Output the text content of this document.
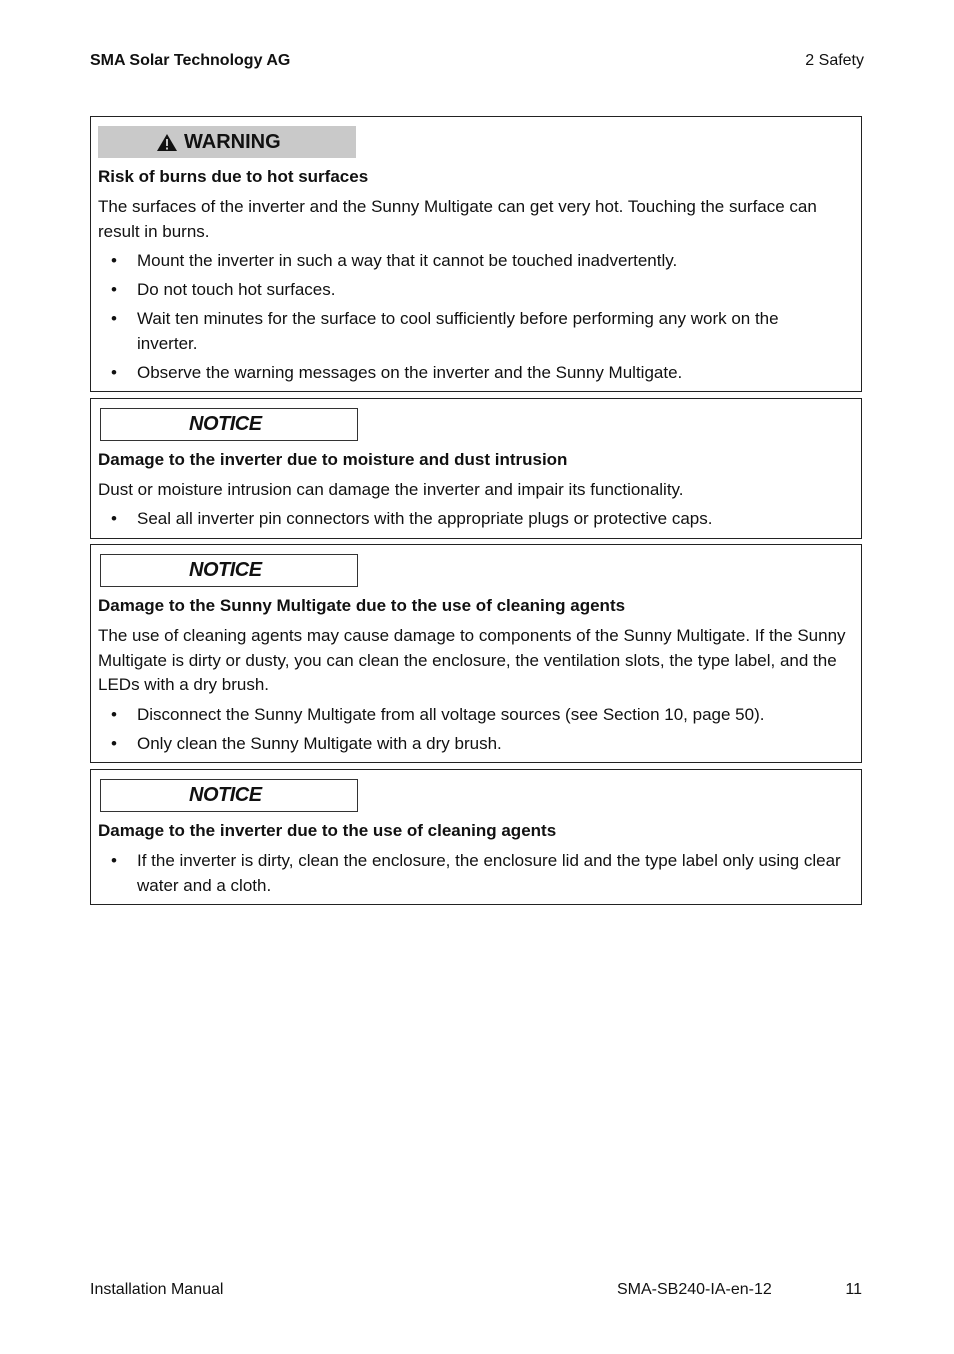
SMA Solar Technology AG	2 Safety
WARNING
Risk of burns due to hot surfaces
The surfaces of the inverter and the Sunny Multigate can get very hot. Touching the surface can result in burns.
• Mount the inverter in such a way that it cannot be touched inadvertently.
• Do not touch hot surfaces.
• Wait ten minutes for the surface to cool sufficiently before performing any work on the inverter.
• Observe the warning messages on the inverter and the Sunny Multigate.
NOTICE
Damage to the inverter due to moisture and dust intrusion
Dust or moisture intrusion can damage the inverter and impair its functionality.
• Seal all inverter pin connectors with the appropriate plugs or protective caps.
NOTICE
Damage to the Sunny Multigate due to the use of cleaning agents
The use of cleaning agents may cause damage to components of the Sunny Multigate. If the Sunny Multigate is dirty or dusty, you can clean the enclosure, the ventilation slots, the type label, and the LEDs with a dry brush.
• Disconnect the Sunny Multigate from all voltage sources (see Section 10, page 50).
• Only clean the Sunny Multigate with a dry brush.
NOTICE
Damage to the inverter due to the use of cleaning agents
• If the inverter is dirty, clean the enclosure, the enclosure lid and the type label only using clear water and a cloth.
Installation Manual	SMA-SB240-IA-en-12	11
